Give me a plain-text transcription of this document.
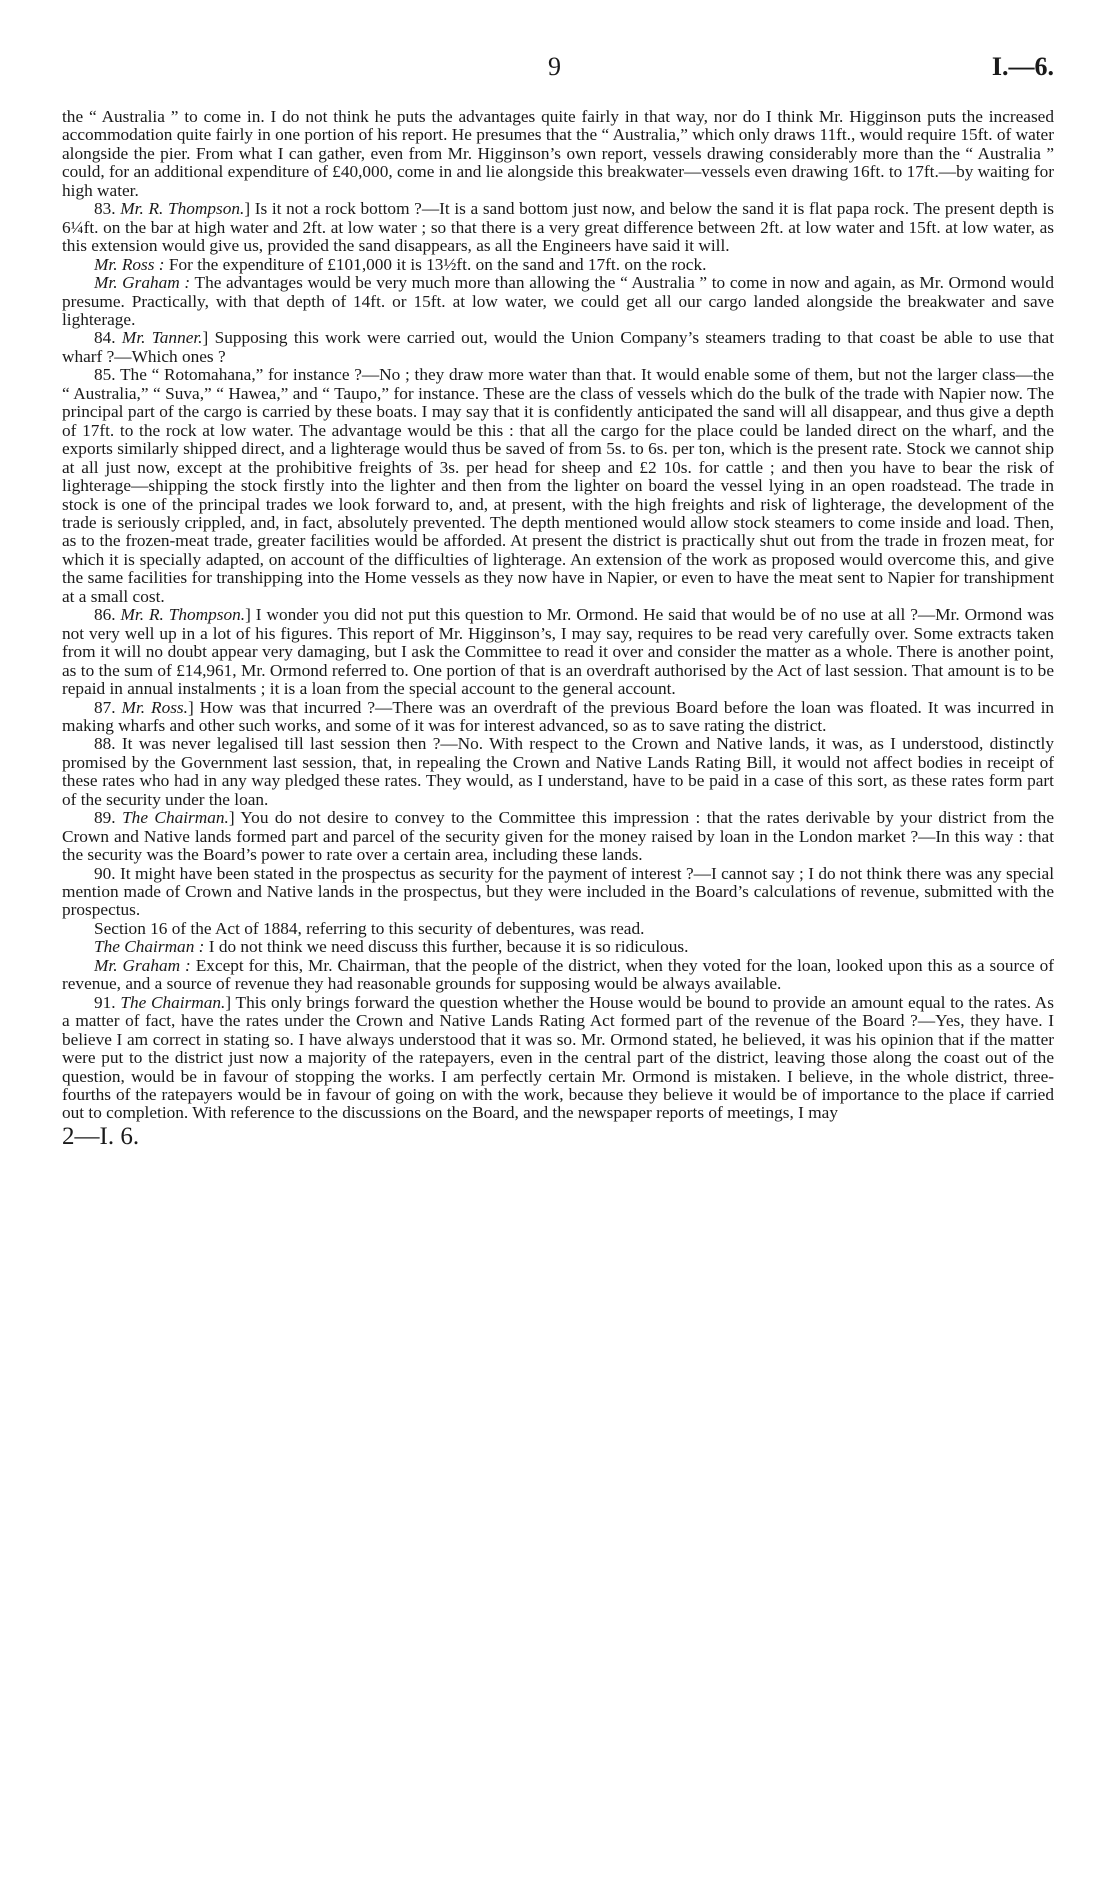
9	I.—6.

the “ Australia ” to come in. I do not think he puts the advantages quite fairly in that way, nor do I think Mr. Higginson puts the increased accommodation quite fairly in one portion of his report. He presumes that the “ Australia,” which only draws 11ft., would require 15ft. of water alongside the pier. From what I can gather, even from Mr. Higginson’s own report, vessels drawing considerably more than the “ Australia ” could, for an additional expenditure of £40,000, come in and lie alongside this breakwater—vessels even drawing 16ft. to 17ft.—by waiting for high water.

83. Mr. R. Thompson.] Is it not a rock bottom ?—It is a sand bottom just now, and below the sand it is flat papa rock. The present depth is 6¼ft. on the bar at high water and 2ft. at low water ; so that there is a very great difference between 2ft. at low water and 15ft. at low water, as this extension would give us, provided the sand disappears, as all the Engineers have said it will.

Mr. Ross : For the expenditure of £101,000 it is 13½ft. on the sand and 17ft. on the rock.

Mr. Graham : The advantages would be very much more than allowing the “ Australia ” to come in now and again, as Mr. Ormond would presume. Practically, with that depth of 14ft. or 15ft. at low water, we could get all our cargo landed alongside the breakwater and save lighterage.

84. Mr. Tanner.] Supposing this work were carried out, would the Union Company’s steamers trading to that coast be able to use that wharf ?—Which ones ?

85. The “ Rotomahana,” for instance ?—No ; they draw more water than that. It would enable some of them, but not the larger class—the “ Australia,” “ Suva,” “ Hawea,” and “ Taupo,” for instance. These are the class of vessels which do the bulk of the trade with Napier now. The principal part of the cargo is carried by these boats. I may say that it is confidently anticipated the sand will all disappear, and thus give a depth of 17ft. to the rock at low water. The advantage would be this : that all the cargo for the place could be landed direct on the wharf, and the exports similarly shipped direct, and a lighterage would thus be saved of from 5s. to 6s. per ton, which is the present rate. Stock we cannot ship at all just now, except at the prohibitive freights of 3s. per head for sheep and £2 10s. for cattle ; and then you have to bear the risk of lighterage—shipping the stock firstly into the lighter and then from the lighter on board the vessel lying in an open roadstead. The trade in stock is one of the principal trades we look forward to, and, at present, with the high freights and risk of lighterage, the development of the trade is seriously crippled, and, in fact, absolutely prevented. The depth mentioned would allow stock steamers to come inside and load. Then, as to the frozen-meat trade, greater facilities would be afforded. At present the district is practically shut out from the trade in frozen meat, for which it is specially adapted, on account of the difficulties of lighterage. An extension of the work as proposed would overcome this, and give the same facilities for transhipping into the Home vessels as they now have in Napier, or even to have the meat sent to Napier for transhipment at a small cost.

86. Mr. R. Thompson.] I wonder you did not put this question to Mr. Ormond. He said that would be of no use at all ?—Mr. Ormond was not very well up in a lot of his figures. This report of Mr. Higginson’s, I may say, requires to be read very carefully over. Some extracts taken from it will no doubt appear very damaging, but I ask the Committee to read it over and consider the matter as a whole. There is another point, as to the sum of £14,961, Mr. Ormond referred to. One portion of that is an overdraft authorised by the Act of last session. That amount is to be repaid in annual instalments ; it is a loan from the special account to the general account.

87. Mr. Ross.] How was that incurred ?—There was an overdraft of the previous Board before the loan was floated. It was incurred in making wharfs and other such works, and some of it was for interest advanced, so as to save rating the district.

88. It was never legalised till last session then ?—No. With respect to the Crown and Native lands, it was, as I understood, distinctly promised by the Government last session, that, in repealing the Crown and Native Lands Rating Bill, it would not affect bodies in receipt of these rates who had in any way pledged these rates. They would, as I understand, have to be paid in a case of this sort, as these rates form part of the security under the loan.

89. The Chairman.] You do not desire to convey to the Committee this impression : that the rates derivable by your district from the Crown and Native lands formed part and parcel of the security given for the money raised by loan in the London market ?—In this way : that the security was the Board’s power to rate over a certain area, including these lands.

90. It might have been stated in the prospectus as security for the payment of interest ?—I cannot say ; I do not think there was any special mention made of Crown and Native lands in the prospectus, but they were included in the Board’s calculations of revenue, submitted with the prospectus.

Section 16 of the Act of 1884, referring to this security of debentures, was read.

The Chairman : I do not think we need discuss this further, because it is so ridiculous.

Mr. Graham : Except for this, Mr. Chairman, that the people of the district, when they voted for the loan, looked upon this as a source of revenue, and a source of revenue they had reasonable grounds for supposing would be always available.

91. The Chairman.] This only brings forward the question whether the House would be bound to provide an amount equal to the rates. As a matter of fact, have the rates under the Crown and Native Lands Rating Act formed part of the revenue of the Board ?—Yes, they have. I believe I am correct in stating so. I have always understood that it was so. Mr. Ormond stated, he believed, it was his opinion that if the matter were put to the district just now a majority of the ratepayers, even in the central part of the district, leaving those along the coast out of the question, would be in favour of stopping the works. I am perfectly certain Mr. Ormond is mistaken. I believe, in the whole district, three-fourths of the ratepayers would be in favour of going on with the work, because they believe it would be of importance to the place if carried out to completion. With reference to the discussions on the Board, and the newspaper reports of meetings, I may

2—I. 6.
